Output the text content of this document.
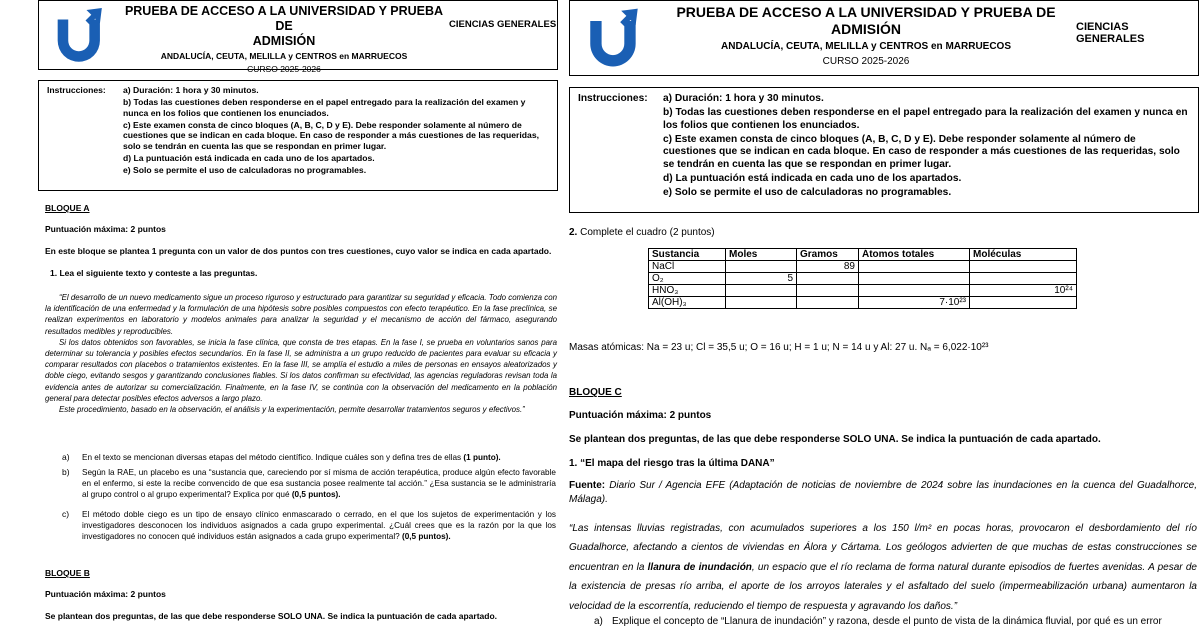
PRUEBA DE ACCESO A LA UNIVERSIDAD Y PRUEBA DE
ADMISIÓN
ANDALUCÍA, CEUTA, MELILLA y CENTROS en MARRUECOS
CURSO 2025-2026
CIENCIAS GENERALES
Instrucciones:	a) Duración: 1 hora y 30 minutos.
b) Todas las cuestiones deben responderse en el papel entregado para la realización del examen y nunca en los folios que contienen los enunciados.
c) Este examen consta de cinco bloques (A, B, C, D y E). Debe responder solamente al número de cuestiones que se indican en cada bloque. En caso de responder a más cuestiones de las requeridas, solo se tendrán en cuenta las que se respondan en primer lugar.
d) La puntuación está indicada en cada uno de los apartados.
e) Solo se permite el uso de calculadoras no programables.
BLOQUE A
Puntuación máxima: 2 puntos
En este bloque se plantea 1 pregunta con un valor de dos puntos con tres cuestiones, cuyo valor se indica en cada apartado.
1. Lea el siguiente texto y conteste a las preguntas.
“El desarrollo de un nuevo medicamento sigue un proceso riguroso y estructurado para garantizar su seguridad y eficacia. Todo comienza con la identificación de una enfermedad y la formulación de una hipótesis sobre posibles compuestos con efecto terapéutico. En la fase preclínica, se realizan experimentos en laboratorio y modelos animales para analizar la seguridad y el mecanismo de acción del fármaco, asegurando resultados medibles y reproducibles.
Si los datos obtenidos son favorables, se inicia la fase clínica, que consta de tres etapas. En la fase I, se prueba en voluntarios sanos para determinar su tolerancia y posibles efectos secundarios. En la fase II, se administra a un grupo reducido de pacientes para evaluar su eficacia y comparar resultados con placebos o tratamientos existentes. En la fase III, se amplía el estudio a miles de personas en ensayos aleatorizados y doble ciego, evitando sesgos y garantizando conclusiones fiables. Si los datos confirman su efectividad, las agencias reguladoras revisan toda la evidencia antes de autorizar su comercialización. Finalmente, en la fase IV, se continúa con la observación del medicamento en la población general para detectar posibles efectos adversos a largo plazo.
Este procedimiento, basado en la observación, el análisis y la experimentación, permite desarrollar tratamientos seguros y efectivos.”
a) En el texto se mencionan diversas etapas del método científico. Indique cuáles son y defina tres de ellas (1 punto).
b) Según la RAE, un placebo es una “sustancia que, careciendo por sí misma de acción terapéutica, produce algún efecto favorable en el enfermo, si este la recibe convencido de que esa sustancia posee realmente tal acción.” ¿Esa sustancia se le administraría al grupo control o al grupo experimental? Explica por qué (0,5 puntos).
c) El método doble ciego es un tipo de ensayo clínico enmascarado o cerrado, en el que los sujetos de experimentación y los investigadores desconocen los individuos asignados a cada grupo experimental. ¿Cuál crees que es la razón por la que los investigadores no conocen qué individuos están asignados a cada grupo experimental? (0,5 puntos).
BLOQUE B
Puntuación máxima: 2 puntos
Se plantean dos preguntas, de las que debe responderse SOLO UNA. Se indica la puntuación de cada apartado.
PRUEBA DE ACCESO A LA UNIVERSIDAD Y PRUEBA DE
ADMISIÓN
ANDALUCÍA, CEUTA, MELILLA y CENTROS en MARRUECOS
CURSO 2025-2026
CIENCIAS GENERALES
Instrucciones:	a) Duración: 1 hora y 30 minutos.
b) Todas las cuestiones deben responderse en el papel entregado para la realización del examen y nunca en los folios que contienen los enunciados.
c) Este examen consta de cinco bloques (A, B, C, D y E). Debe responder solamente al número de cuestiones que se indican en cada bloque. En caso de responder a más cuestiones de las requeridas, solo se tendrán en cuenta las que se respondan en primer lugar.
d) La puntuación está indicada en cada uno de los apartados.
e) Solo se permite el uso de calculadoras no programables.
2. Complete el cuadro (2 puntos)
Sustancia	Moles	Gramos	Átomos totales	Moléculas
NaCl		89		
O₂	5			
HNO₃				10²⁴
Al(OH)₃			7·10²³	
Masas atómicas: Na = 23 u; Cl = 35,5 u; O = 16 u; H = 1 u; N = 14 u y Al: 27 u. Nₐ = 6,022·10²³
BLOQUE C
Puntuación máxima: 2 puntos
Se plantean dos preguntas, de las que debe responderse SOLO UNA. Se indica la puntuación de cada apartado.
1. “El mapa del riesgo tras la última DANA”
Fuente: Diario Sur / Agencia EFE (Adaptación de noticias de noviembre de 2024 sobre las inundaciones en la cuenca del Guadalhorce, Málaga).
“Las intensas lluvias registradas, con acumulados superiores a los 150 l/m² en pocas horas, provocaron el desbordamiento del río Guadalhorce, afectando a cientos de viviendas en Álora y Cártama. Los geólogos advierten de que muchas de estas construcciones se encuentran en la llanura de inundación, un espacio que el río reclama de forma natural durante episodios de fuertes avenidas. A pesar de la existencia de presas río arriba, el aporte de los arroyos laterales y el asfaltado del suelo (impermeabilización urbana) aumentaron la velocidad de la escorrentía, reduciendo el tiempo de respuesta y agravando los daños.”
a) Explique el concepto de “Llanura de inundación” y razona, desde el punto de vista de la dinámica fluvial, por qué es un error
